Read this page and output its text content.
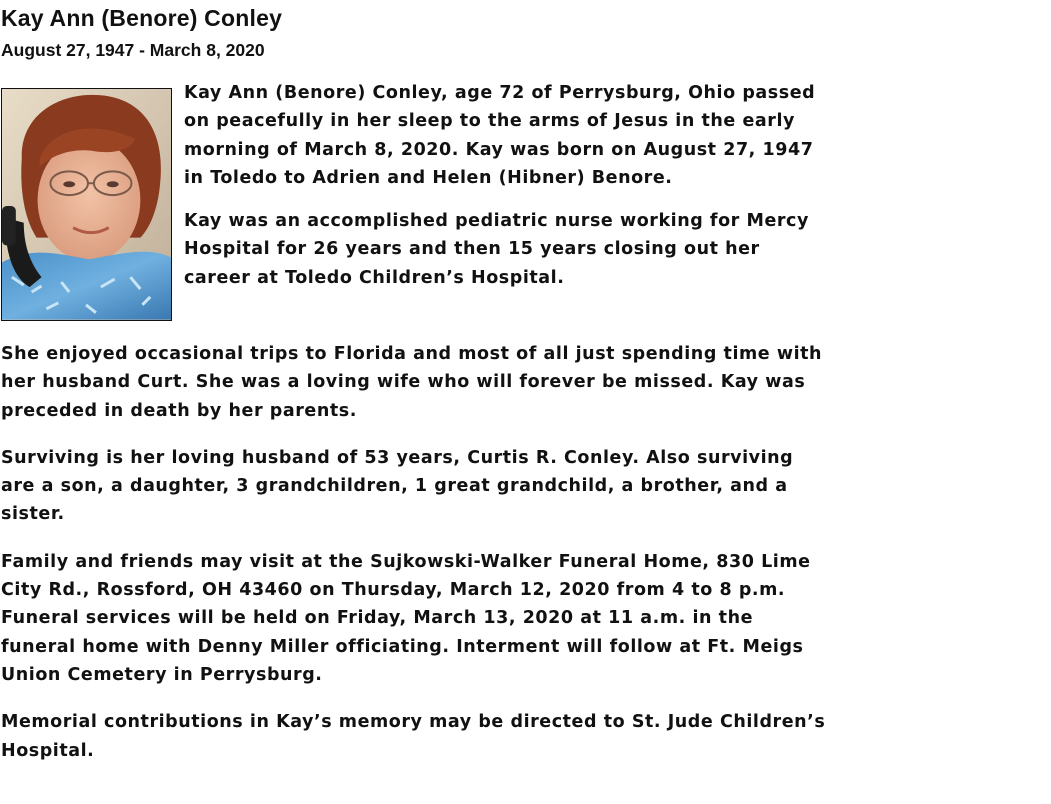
Kay Ann (Benore) Conley
August 27, 1947 - March 8, 2020

Kay Ann (Benore) Conley, age 72 of Perrysburg, Ohio passed on peacefully in her sleep to the arms of Jesus in the early morning of March 8, 2020. Kay was born on August 27, 1947 in Toledo to Adrien and Helen (Hibner) Benore.

Kay was an accomplished pediatric nurse working for Mercy Hospital for 26 years and then 15 years closing out her career at Toledo Children’s Hospital.

She enjoyed occasional trips to Florida and most of all just spending time with her husband Curt. She was a loving wife who will forever be missed. Kay was preceded in death by her parents.

Surviving is her loving husband of 53 years, Curtis R. Conley. Also surviving are a son, a daughter, 3 grandchildren, 1 great grandchild, a brother, and a sister.

Family and friends may visit at the Sujkowski-Walker Funeral Home, 830 Lime City Rd., Rossford, OH 43460 on Thursday, March 12, 2020 from 4 to 8 p.m. Funeral services will be held on Friday, March 13, 2020 at 11 a.m. in the funeral home with Denny Miller officiating. Interment will follow at Ft. Meigs Union Cemetery in Perrysburg.

Memorial contributions in Kay’s memory may be directed to St. Jude Children’s Hospital.
